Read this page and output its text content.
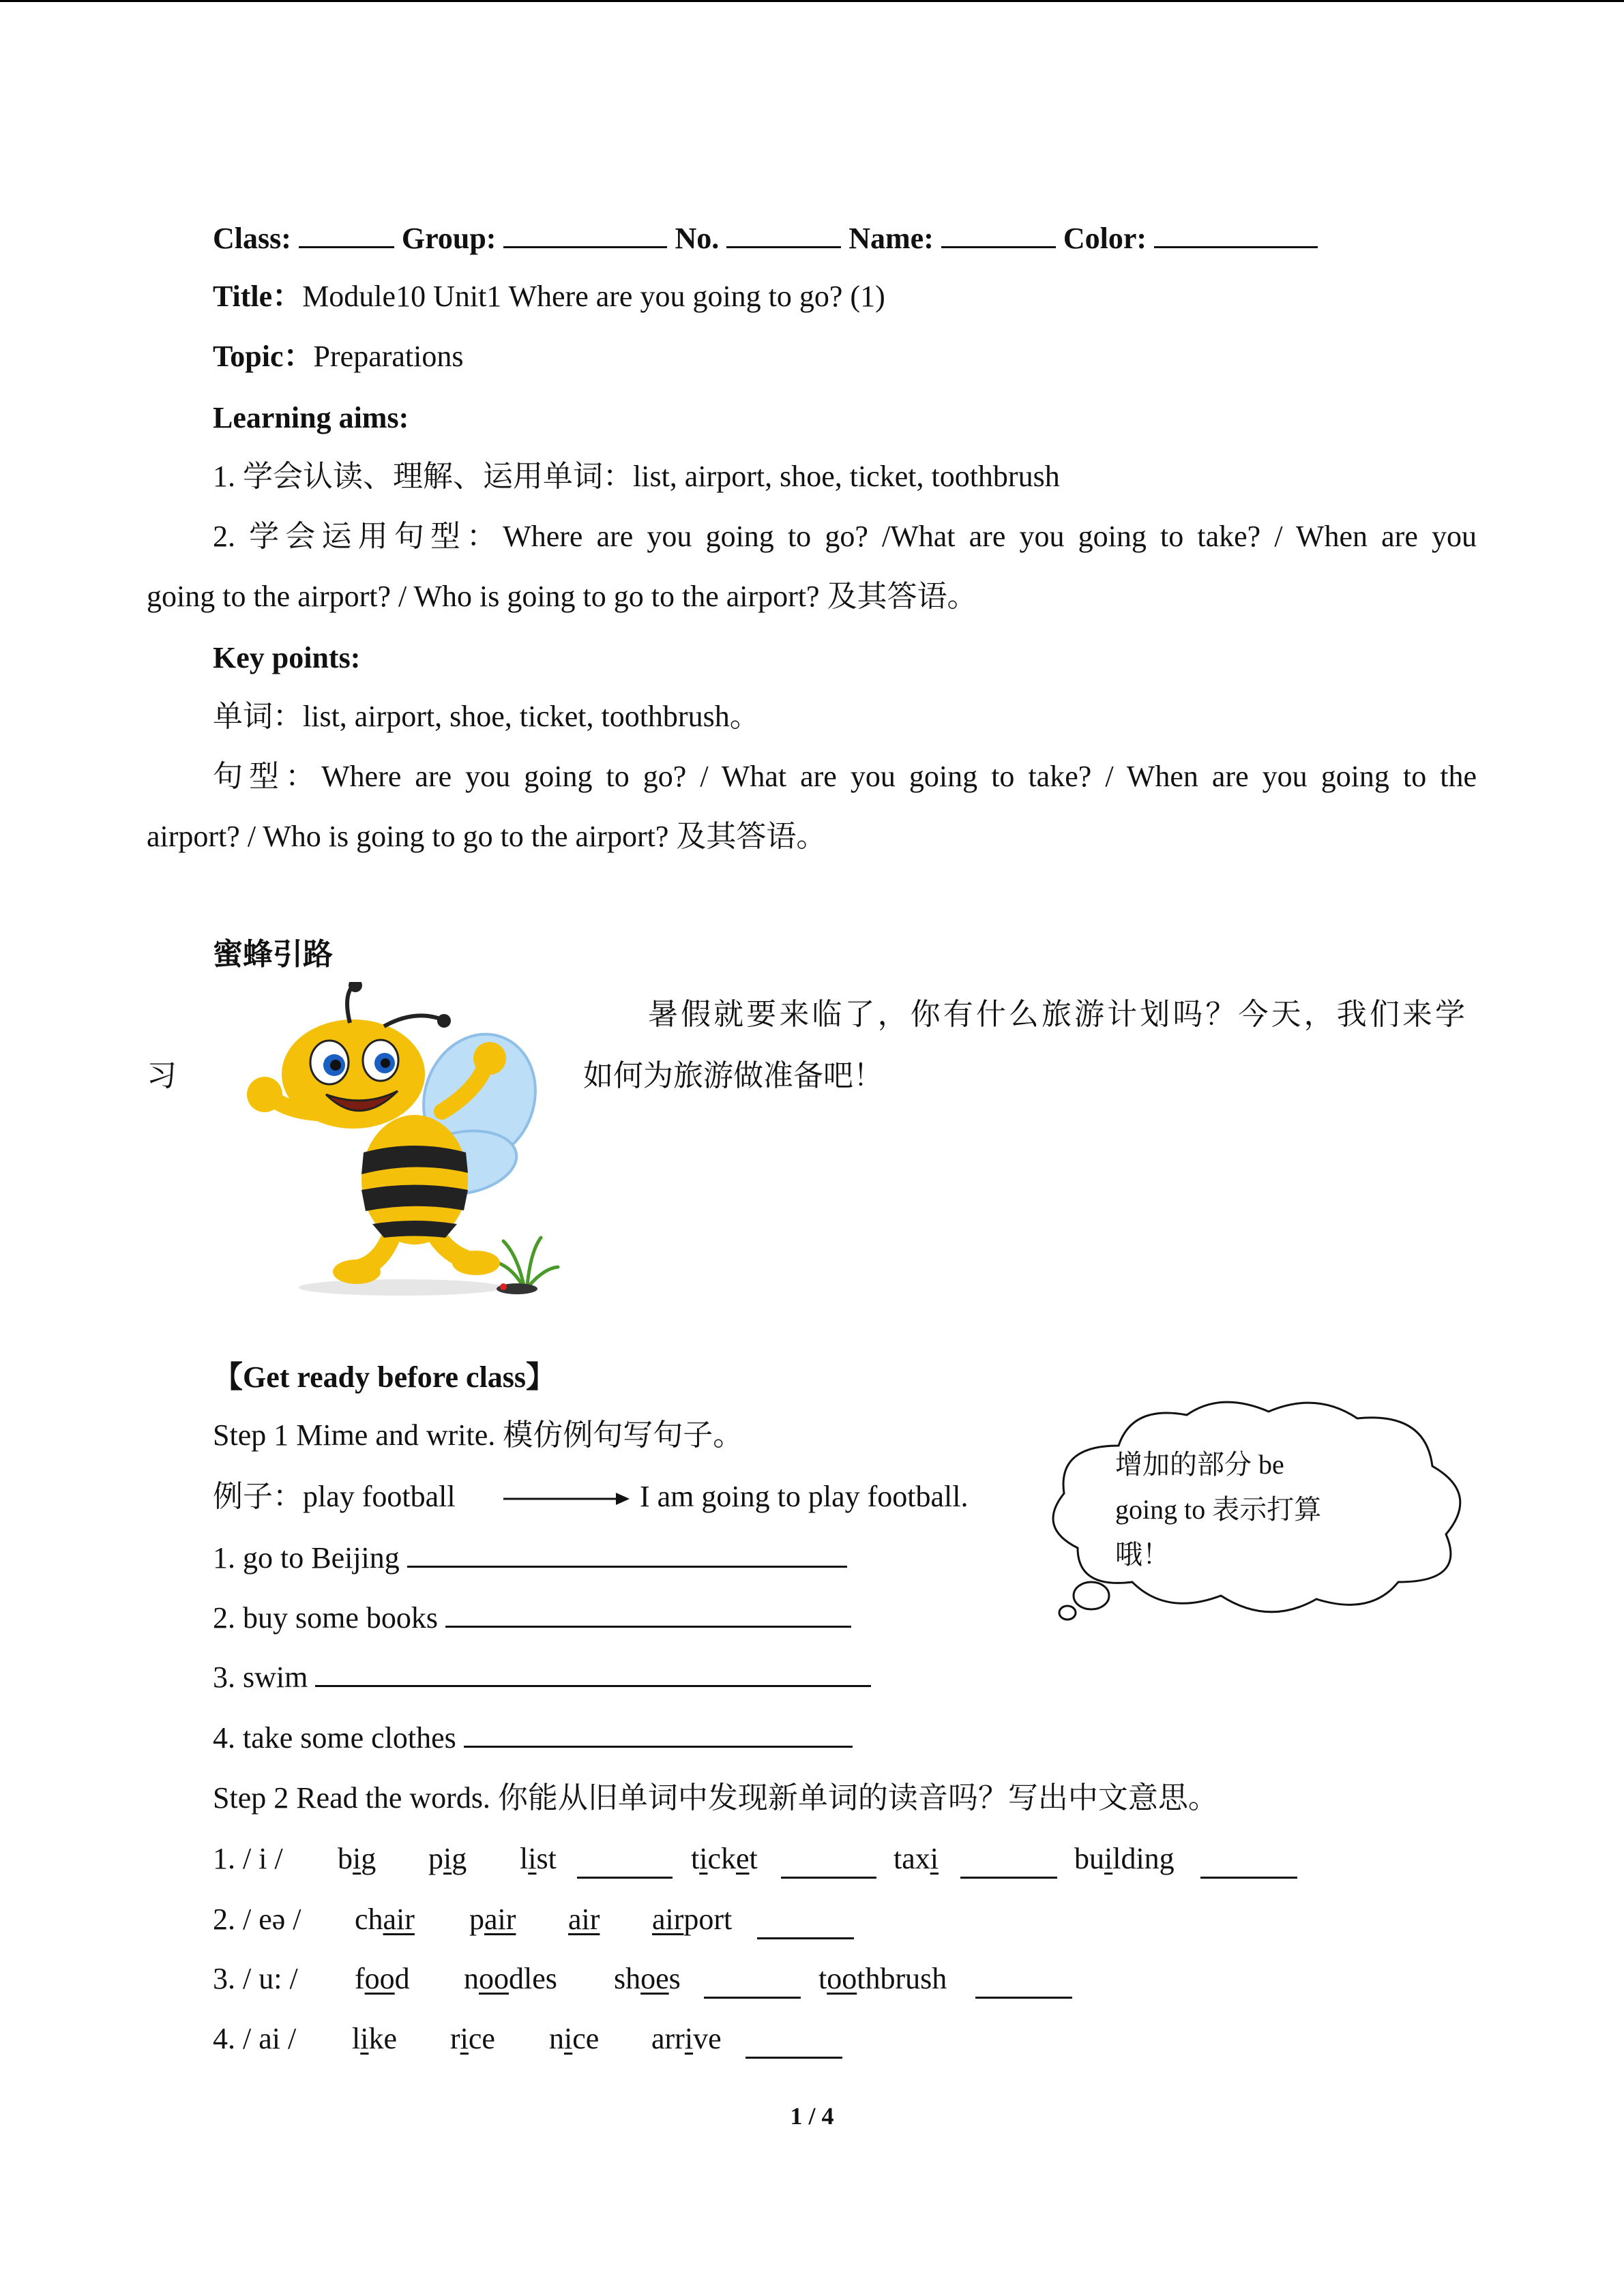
Class:	Group:	No.	Name:	Color:
Title：Module10 Unit1 Where are you going to go? (1)
Topic：Preparations
Learning aims:
1. 学会认读、理解、运用单词：list, airport, shoe, ticket, toothbrush
2. 学会运用句型：Where are you going to go? /What are you going to take? / When are you
going to the airport? / Who is going to go to the airport? 及其答语。
Key points:
单词：list, airport, shoe, ticket, toothbrush。
句型：Where are you going to go? / What are you going to take? / When are you going to the
airport? / Who is going to go to the airport? 及其答语。
蜜蜂引路
暑假就要来临了，你有什么旅游计划吗？今天，我们来学
习	如何为旅游做准备吧！
【Get ready before class】
Step 1 Mime and write. 模仿例句写句子。
例子：play football	I am going to play football.
1. go to Beijing
2. buy some books
3. swim
4. take some clothes
增加的部分 be
going to 表示打算
哦！
Step 2 Read the words. 你能从旧单词中发现新单词的读音吗？写出中文意思。
1. / i / big pig list	ticket	taxi	building
2. / eə / chair pair air airport
3. / u: / food noodles shoes	toothbrush
4. / ai / like rice nice arrive
1 / 4
